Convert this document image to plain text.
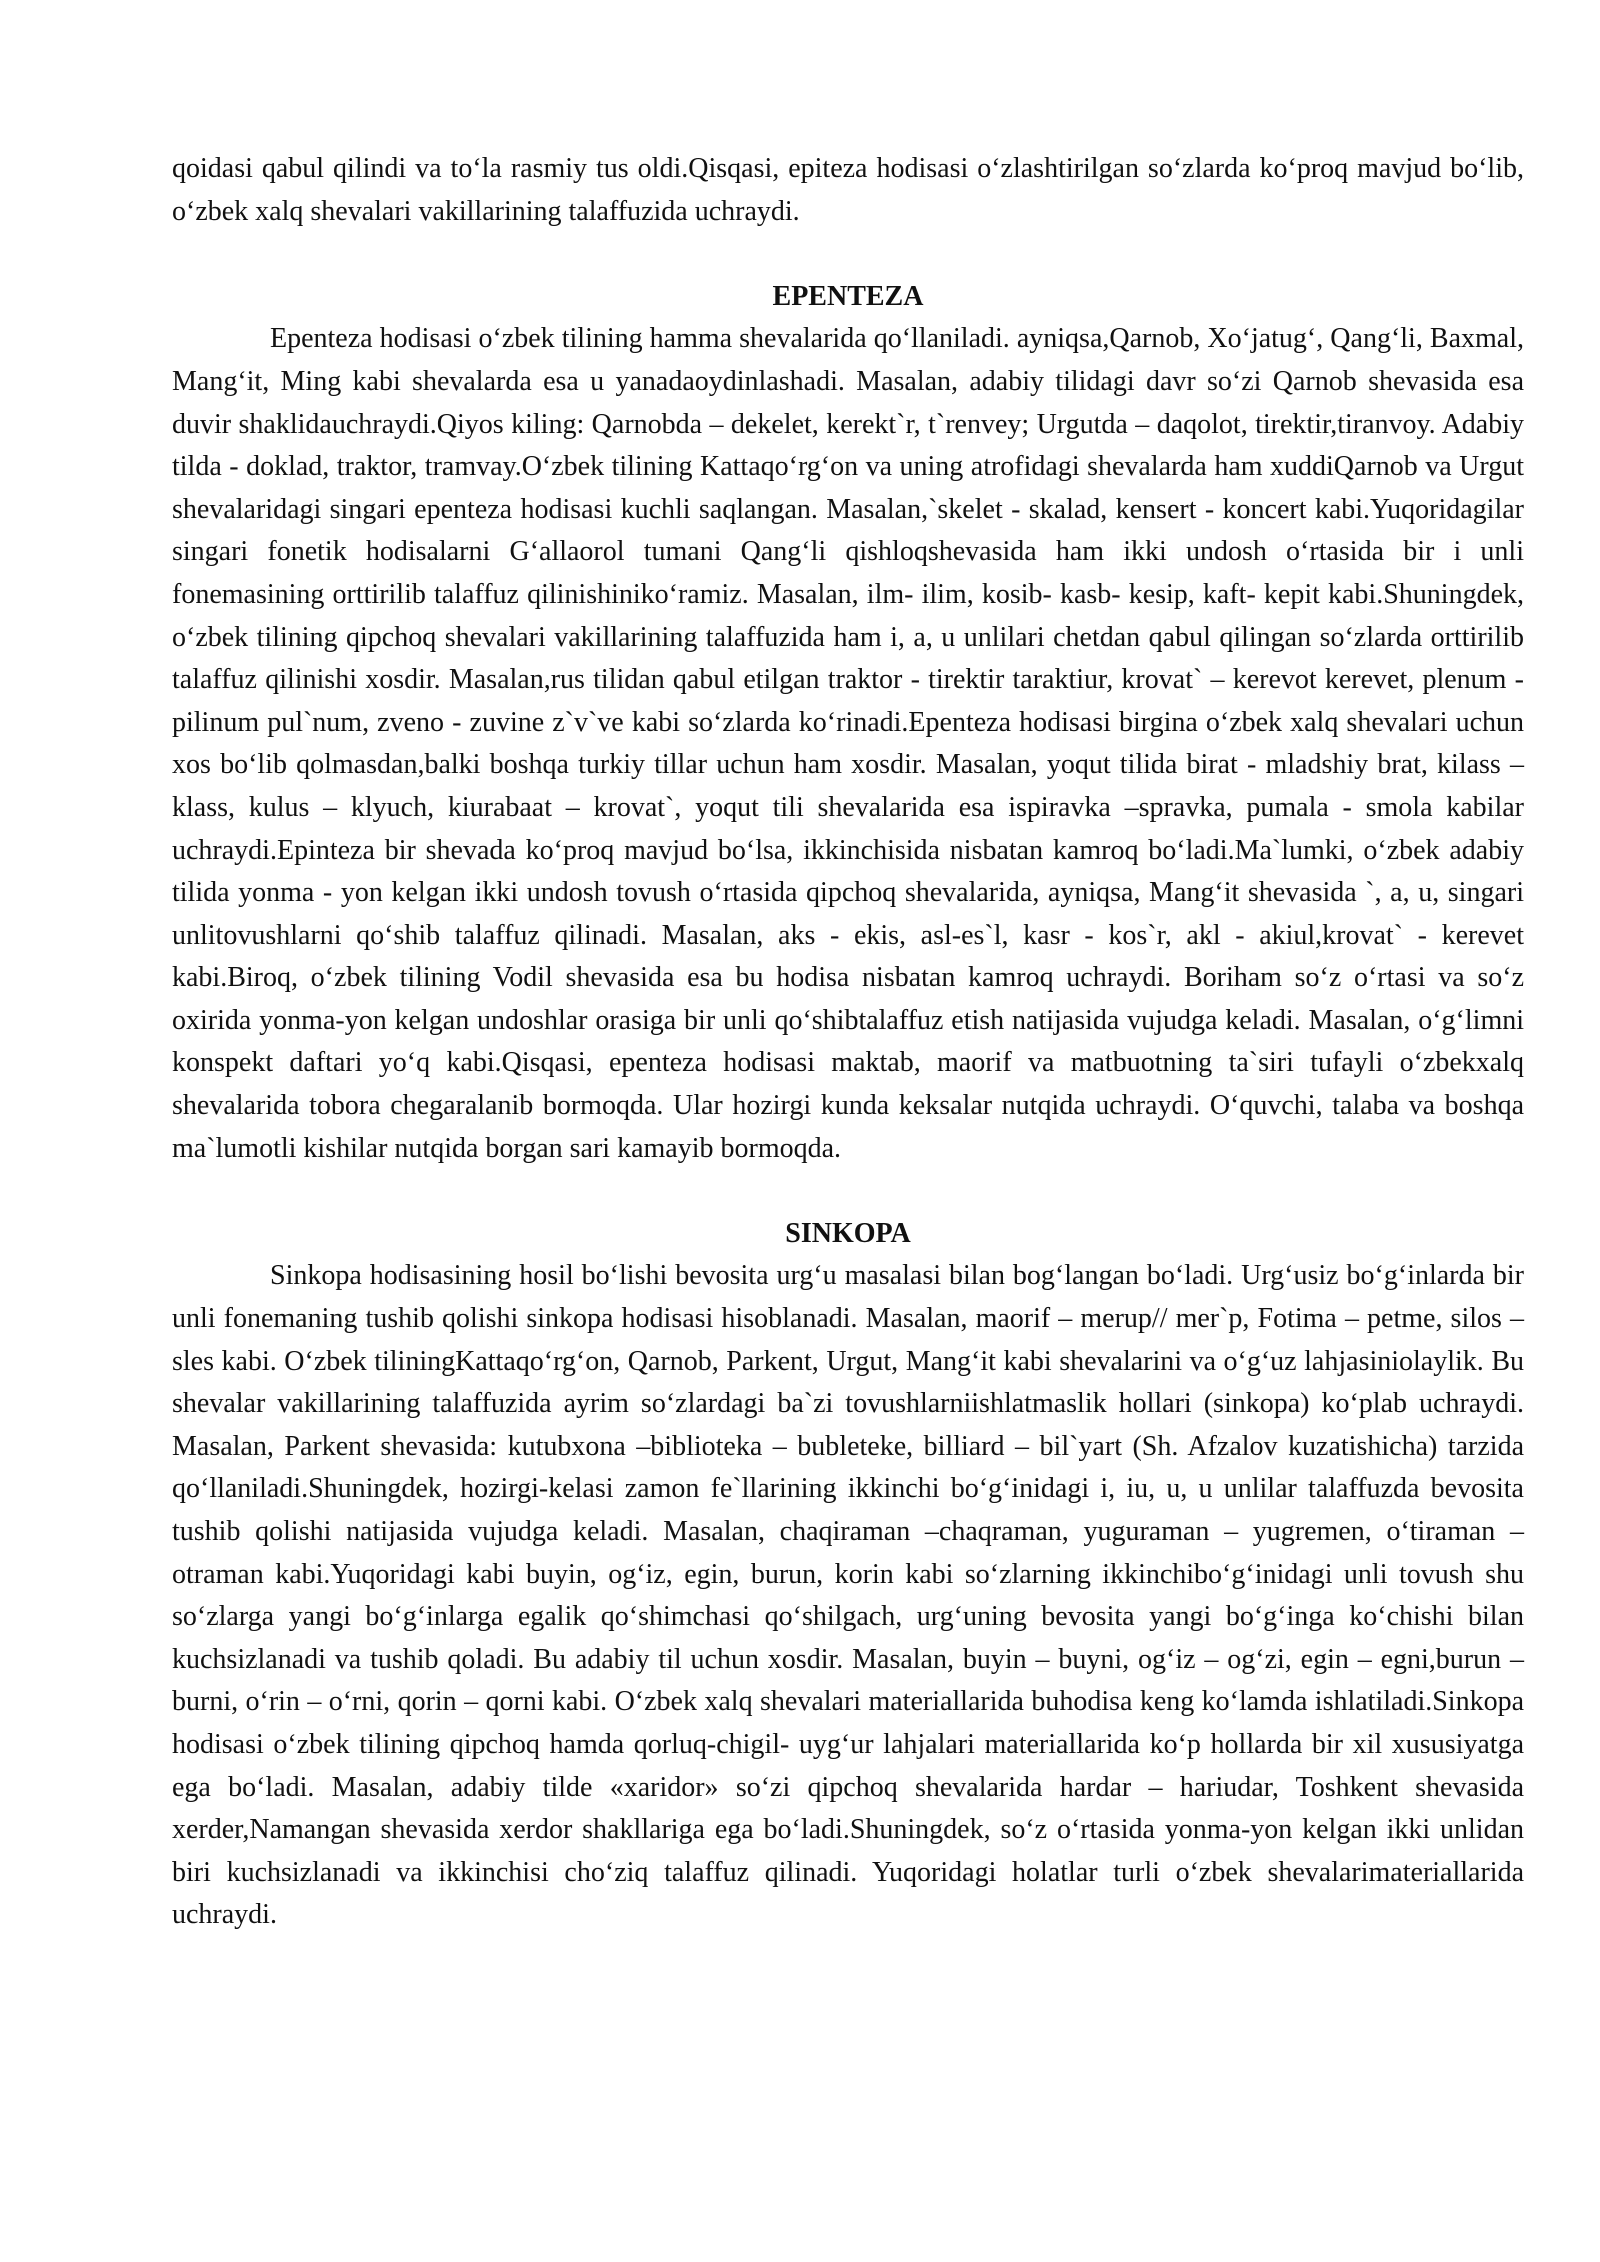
qoidasi qabul qilindi va to‘la rasmiy tus oldi.Qisqasi, epiteza hodisasi o‘zlashtirilgan so‘zlarda ko‘proq mavjud bo‘lib, o‘zbek xalq shevalari vakillarining talaffuzida uchraydi.

EPENTEZA

Epenteza hodisasi o‘zbek tilining hamma shevalarida qo‘llaniladi. ayniqsa,Qarnob, Xo‘jatug‘, Qang‘li, Baxmal, Mang‘it, Ming kabi shevalarda esa u yanadaoydinlashadi. Masalan, adabiy tilidagi davr so‘zi Qarnob shevasida esa duvir shaklidauchraydi.Qiyos kiling: Qarnobda – dekelet, kerekt`r, t`renvey; Urgutda – daqolot, tirektir,tiranvoy. Adabiy tilda - doklad, traktor, tramvay.O‘zbek tilining Kattaqo‘rg‘on va uning atrofidagi shevalarda ham xuddiQarnob va Urgut shevalaridagi singari epenteza hodisasi kuchli saqlangan. Masalan,`skelet - skalad, kensert - koncert kabi.Yuqoridagilar singari fonetik hodisalarni G‘allaorol tumani Qang‘li qishloqshevasida ham ikki undosh o‘rtasida bir i unli fonemasining orttirilib talaffuz qilinishiniko‘ramiz. Masalan, ilm- ilim, kosib- kasb- kesip, kaft- kepit kabi.Shuningdek, o‘zbek tilining qipchoq shevalari vakillarining talaffuzida ham i, a, u unlilari chetdan qabul qilingan so‘zlarda orttirilib talaffuz qilinishi xosdir. Masalan,rus tilidan qabul etilgan traktor - tirektir taraktiur, krovat` – kerevot kerevet, plenum -pilinum pul`num, zveno - zuvine z`v`ve kabi so‘zlarda ko‘rinadi.Epenteza hodisasi birgina o‘zbek xalq shevalari uchun xos bo‘lib qolmasdan,balki boshqa turkiy tillar uchun ham xosdir. Masalan, yoqut tilida birat - mladshiy brat, kilass – klass, kulus – klyuch, kiurabaat – krovat`, yoqut tili shevalarida esa ispiravka –spravka, pumala - smola kabilar uchraydi.Epinteza bir shevada ko‘proq mavjud bo‘lsa, ikkinchisida nisbatan kamroq bo‘ladi.Ma`lumki, o‘zbek adabiy tilida yonma - yon kelgan ikki undosh tovush o‘rtasida qipchoq shevalarida, ayniqsa, Mang‘it shevasida `, a, u, singari unlitovushlarni qo‘shib talaffuz qilinadi. Masalan, aks - ekis, asl-es`l, kasr - kos`r, akl - akiul,krovat` - kerevet kabi.Biroq, o‘zbek tilining Vodil shevasida esa bu hodisa nisbatan kamroq uchraydi. Boriham so‘z o‘rtasi va so‘z oxirida yonma-yon kelgan undoshlar orasiga bir unli qo‘shibtalaffuz etish natijasida vujudga keladi. Masalan, o‘g‘limni konspekt daftari yo‘q kabi.Qisqasi, epenteza hodisasi maktab, maorif va matbuotning ta`siri tufayli o‘zbekxalq shevalarida tobora chegaralanib bormoqda. Ular hozirgi kunda keksalar nutqida uchraydi. O‘quvchi, talaba va boshqa ma`lumotli kishilar nutqida borgan sari kamayib bormoqda.

SINKOPA

Sinkopa hodisasining hosil bo‘lishi bevosita urg‘u masalasi bilan bog‘langan bo‘ladi. Urg‘usiz bo‘g‘inlarda bir unli fonemaning tushib qolishi sinkopa hodisasi hisoblanadi. Masalan, maorif – merup// mer`p, Fotima – petme, silos – sles kabi. O‘zbek tiliningKattaqo‘rg‘on, Qarnob, Parkent, Urgut, Mang‘it kabi shevalarini va o‘g‘uz lahjasiniolaylik. Bu shevalar vakillarining talaffuzida ayrim so‘zlardagi ba`zi tovushlarniishlatmaslik hollari (sinkopa) ko‘plab uchraydi. Masalan, Parkent shevasida: kutubxona –biblioteka – bubleteke, billiard – bil`yart (Sh. Afzalov kuzatishicha) tarzida qo‘llaniladi.Shuningdek, hozirgi-kelasi zamon fe`llarining ikkinchi bo‘g‘inidagi i, iu, u, u unlilar talaffuzda bevosita tushib qolishi natijasida vujudga keladi. Masalan, chaqiraman –chaqraman, yuguraman – yugremen, o‘tiraman – otraman kabi.Yuqoridagi kabi buyin, og‘iz, egin, burun, korin kabi so‘zlarning ikkinchibo‘g‘inidagi unli tovush shu so‘zlarga yangi bo‘g‘inlarga egalik qo‘shimchasi qo‘shilgach, urg‘uning bevosita yangi bo‘g‘inga ko‘chishi bilan kuchsizlanadi va tushib qoladi. Bu adabiy til uchun xosdir. Masalan, buyin – buyni, og‘iz – og‘zi, egin – egni,burun – burni, o‘rin – o‘rni, qorin – qorni kabi. O‘zbek xalq shevalari materiallarida buhodisa keng ko‘lamda ishlatiladi.Sinkopa hodisasi o‘zbek tilining qipchoq hamda qorluq-chigil- uyg‘ur lahjalari materiallarida ko‘p hollarda bir xil xususiyatga ega bo‘ladi. Masalan, adabiy tilde «xaridor» so‘zi qipchoq shevalarida hardar – hariudar, Toshkent shevasida xerder,Namangan shevasida xerdor shakllariga ega bo‘ladi.Shuningdek, so‘z o‘rtasida yonma-yon kelgan ikki unlidan biri kuchsizlanadi va ikkinchisi cho‘ziq talaffuz qilinadi. Yuqoridagi holatlar turli o‘zbek shevalarimateriallarida uchraydi.
